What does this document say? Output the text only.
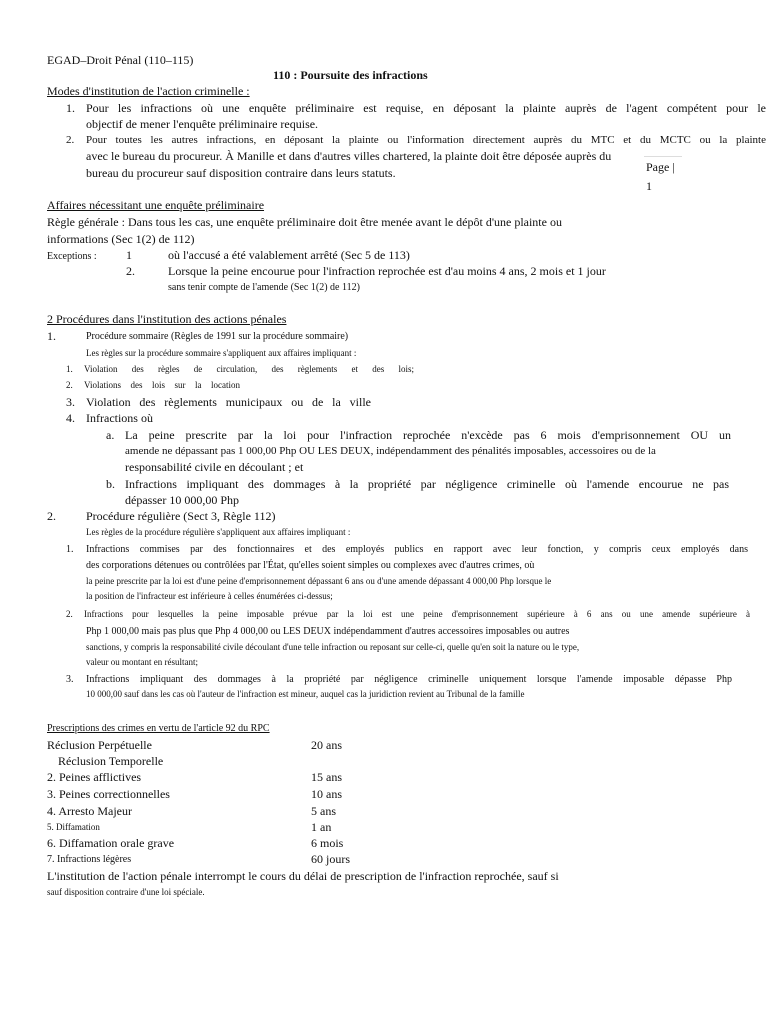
EGAD–Droit Pénal (110–115)
110 : Poursuite des infractions
Page |
1
Modes d'institution de l'action criminelle :
1. Pour les infractions où une enquête préliminaire est requise, en déposant la plainte auprès de l'agent compétent pour le
objectif de mener l'enquête préliminaire requise.
2. Pour toutes les autres infractions, en déposant la plainte ou l'information directement auprès du MTC et du MCTC ou la plainte
avec le bureau du procureur. À Manille et dans d'autres villes chartered, la plainte doit être déposée auprès du
bureau du procureur sauf disposition contraire dans leurs statuts.
Affaires nécessitant une enquête préliminaire
Règle générale : Dans tous les cas, une enquête préliminaire doit être menée avant le dépôt d'une plainte ou
informations (Sec 1(2) de 112)
Exceptions : 1	où l'accusé a été valablement arrêté (Sec 5 de 113)
2.	Lorsque la peine encourue pour l'infraction reprochée est d'au moins 4 ans, 2 mois et 1 jour
sans tenir compte de l'amende (Sec 1(2) de 112)
2 Procédures dans l'institution des actions pénales
1.	Procédure sommaire (Règles de 1991 sur la procédure sommaire)
Les règles sur la procédure sommaire s'appliquent aux affaires impliquant :
1. Violation des règles de circulation, des règlements et des lois;
2. Violations des lois sur la location
3. Violation des règlements municipaux ou de la ville
4. Infractions où
a. La peine prescrite par la loi pour l'infraction reprochée n'excède pas 6 mois d'emprisonnement OU un
amende ne dépassant pas 1 000,00 Php OU LES DEUX, indépendamment des pénalités imposables, accessoires ou de la
responsabilité civile en découlant ; et
b. Infractions impliquant des dommages à la propriété par négligence criminelle où l'amende encourue ne pas
dépasser 10 000,00 Php
2.	Procédure régulière (Sect 3, Règle 112)
Les règles de la procédure régulière s'appliquent aux affaires impliquant :
1. Infractions commises par des fonctionnaires et des employés publics en rapport avec leur fonction, y compris ceux employés dans
des corporations détenues ou contrôlées par l'État, qu'elles soient simples ou complexes avec d'autres crimes, où
la peine prescrite par la loi est d'une peine d'emprisonnement dépassant 6 ans ou d'une amende dépassant 4 000,00 Php lorsque le
la position de l'infracteur est inférieure à celles énumérées ci-dessus;
2. Infractions pour lesquelles la peine imposable prévue par la loi est une peine d'emprisonnement supérieure à 6 ans ou une amende supérieure à
Php 1 000,00 mais pas plus que Php 4 000,00 ou LES DEUX indépendamment d'autres accessoires imposables ou autres
sanctions, y compris la responsabilité civile découlant d'une telle infraction ou reposant sur celle-ci, quelle qu'en soit la nature ou le type,
valeur ou montant en résultant;
3. Infractions impliquant des dommages à la propriété par négligence criminelle uniquement lorsque l'amende imposable dépasse Php
10 000,00 sauf dans les cas où l'auteur de l'infraction est mineur, auquel cas la juridiction revient au Tribunal de la famille
Prescriptions des crimes en vertu de l'article 92 du RPC
Réclusion Perpétuelle	20 ans
Réclusion Temporelle
2. Peines afflictives	15 ans
3. Peines correctionnelles	10 ans
4. Arresto Majeur	5 ans
5. Diffamation	1 an
6. Diffamation orale grave	6 mois
7. Infractions légères	60 jours
L'institution de l'action pénale interrompt le cours du délai de prescription de l'infraction reprochée, sauf si
sauf disposition contraire d'une loi spéciale.
